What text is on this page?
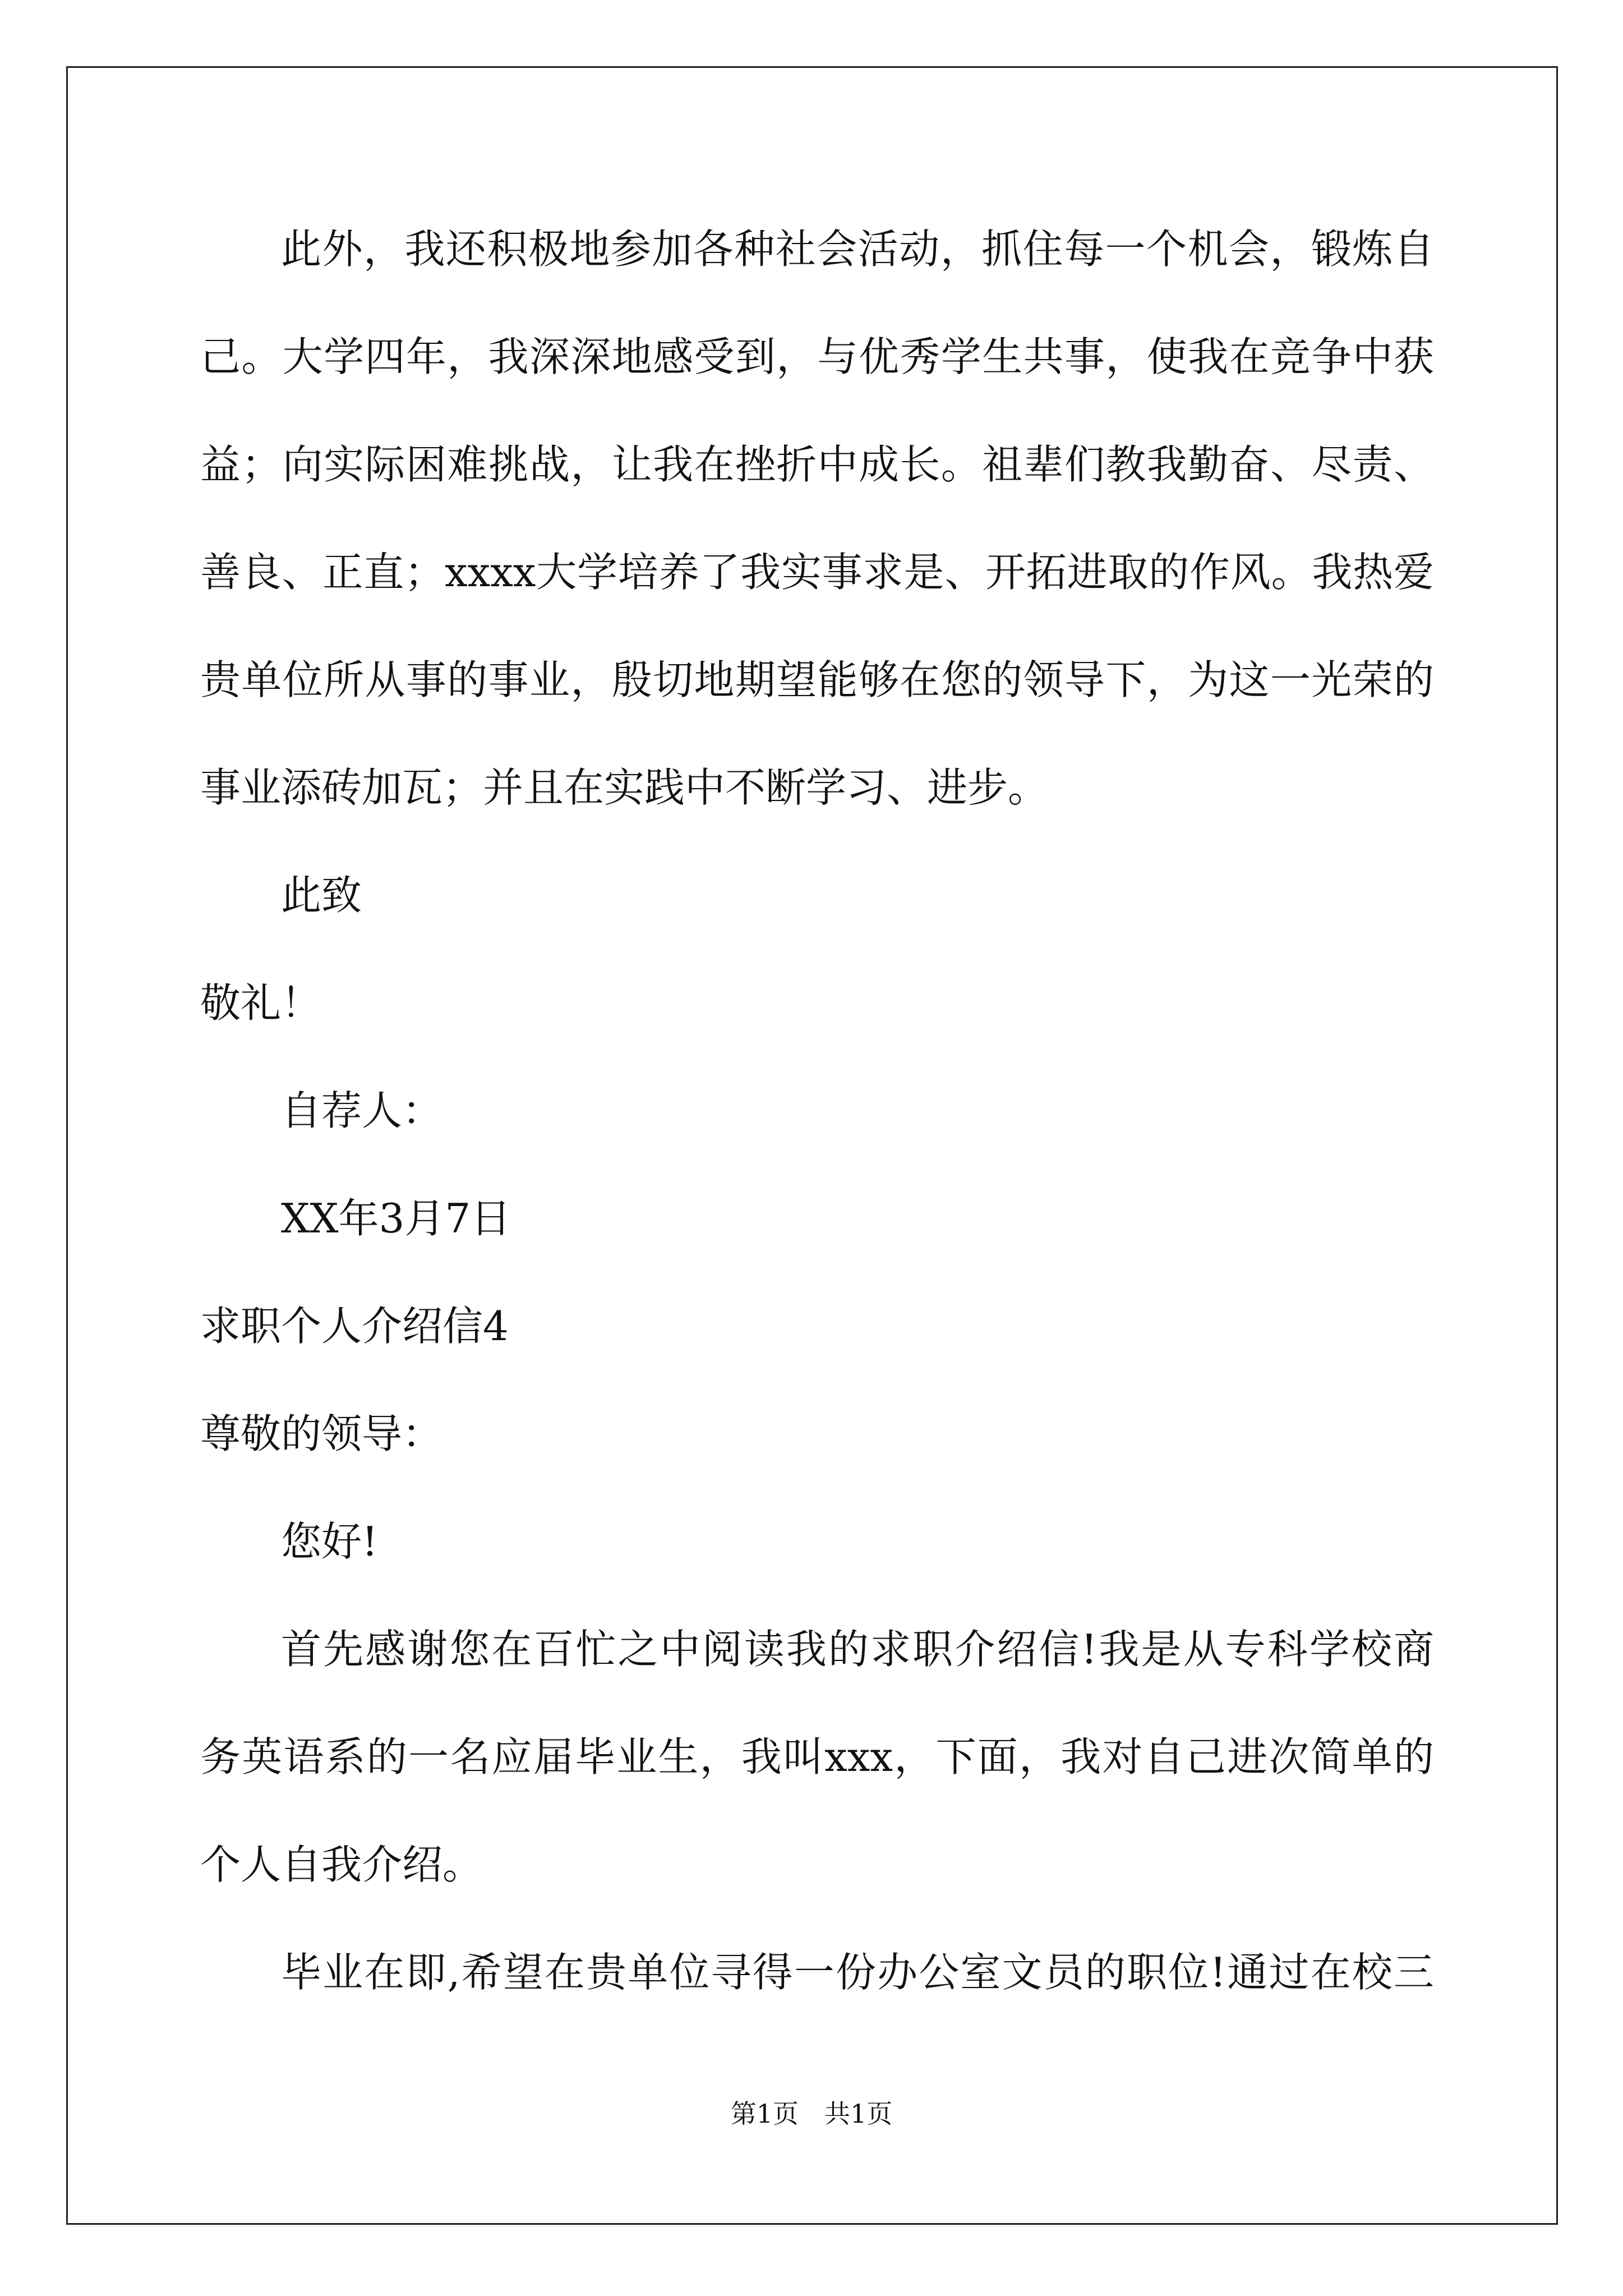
此外，我还积极地参加各种社会活动，抓住每一个机会，锻炼自
己。大学四年，我深深地感受到，与优秀学生共事，使我在竞争中获
益；向实际困难挑战，让我在挫折中成长。祖辈们教我勤奋、尽责、
善良、正直；xxxx大学培养了我实事求是、开拓进取的作风。我热爱
贵单位所从事的事业，殷切地期望能够在您的领导下，为这一光荣的
事业添砖加瓦；并且在实践中不断学习、进步。
此致
敬礼！
自荐人：
XX年3月7日
求职个人介绍信4
尊敬的领导：
您好!
首先感谢您在百忙之中阅读我的求职介绍信!我是从专科学校商
务英语系的一名应届毕业生，我叫xxx，下面，我对自己进次简单的
个人自我介绍。
毕业在即,希望在贵单位寻得一份办公室文员的职位!通过在校三
第1页　共1页
